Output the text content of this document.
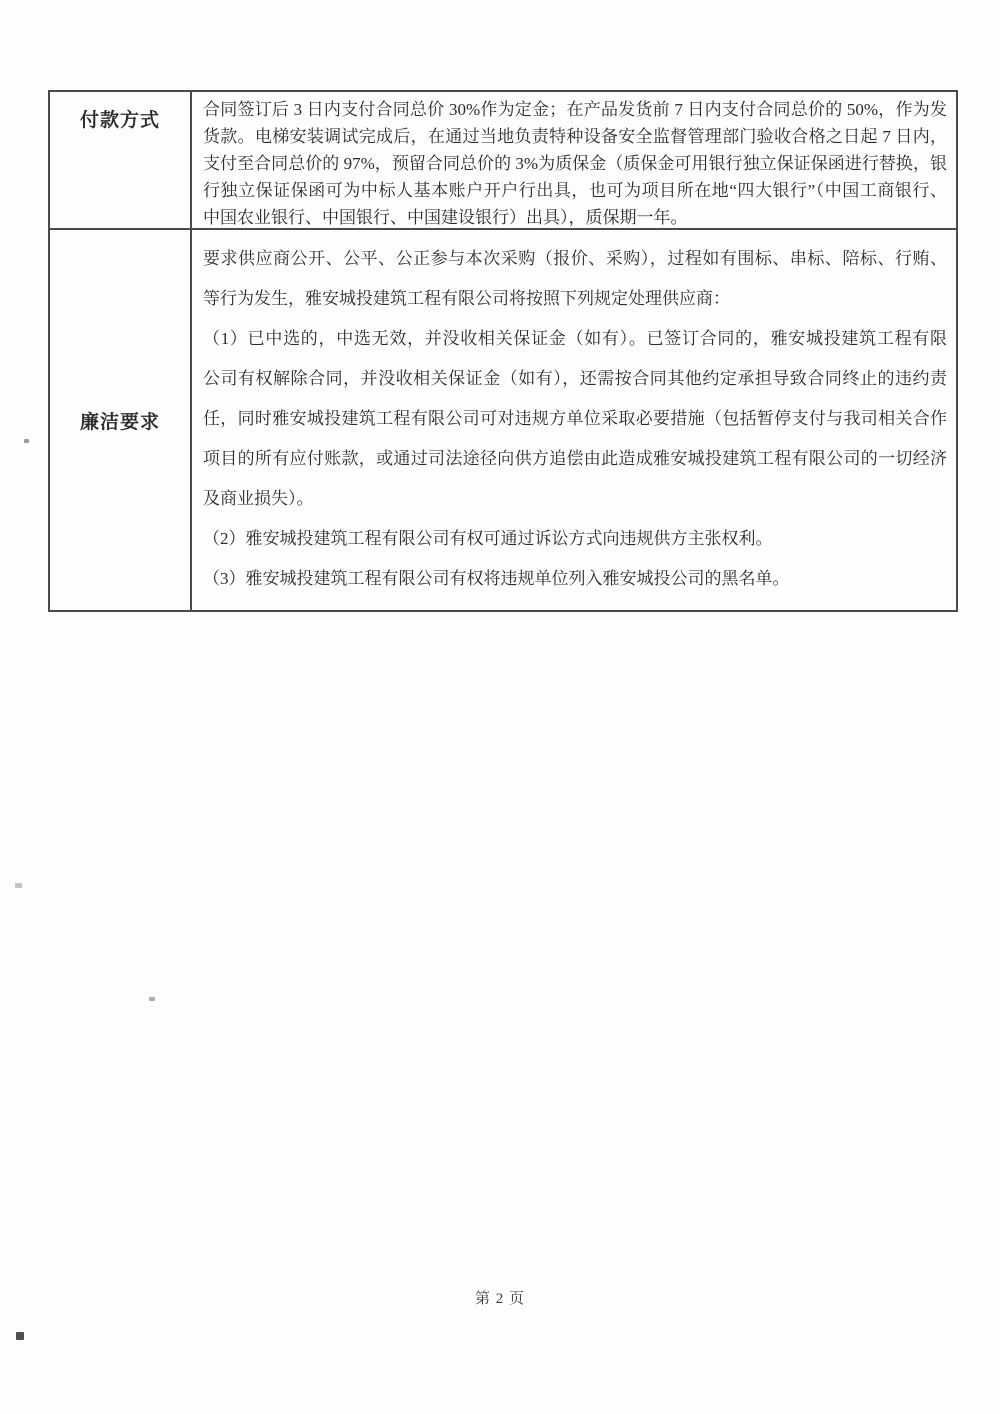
付款方式
合同签订后 3 日内支付合同总价 30%作为定金；在产品发货前 7 日内支付合同总价的 50%，作为发
货款。电梯安装调试完成后，在通过当地负责特种设备安全监督管理部门验收合格之日起 7 日内，
支付至合同总价的 97%，预留合同总价的 3%为质保金（质保金可用银行独立保证保函进行替换，银
行独立保证保函可为中标人基本账户开户行出具，也可为项目所在地“四大银行”（中国工商银行、
中国农业银行、中国银行、中国建设银行）出具），质保期一年。
廉洁要求
要求供应商公开、公平、公正参与本次采购（报价、采购），过程如有围标、串标、陪标、行贿、
等行为发生，雅安城投建筑工程有限公司将按照下列规定处理供应商：
（1）已中选的，中选无效，并没收相关保证金（如有）。已签订合同的，雅安城投建筑工程有限
公司有权解除合同，并没收相关保证金（如有），还需按合同其他约定承担导致合同终止的违约责
任，同时雅安城投建筑工程有限公司可对违规方单位采取必要措施（包括暂停支付与我司相关合作
项目的所有应付账款，或通过司法途径向供方追偿由此造成雅安城投建筑工程有限公司的一切经济
及商业损失）。
（2）雅安城投建筑工程有限公司有权可通过诉讼方式向违规供方主张权利。
（3）雅安城投建筑工程有限公司有权将违规单位列入雅安城投公司的黑名单。
第 2 页
